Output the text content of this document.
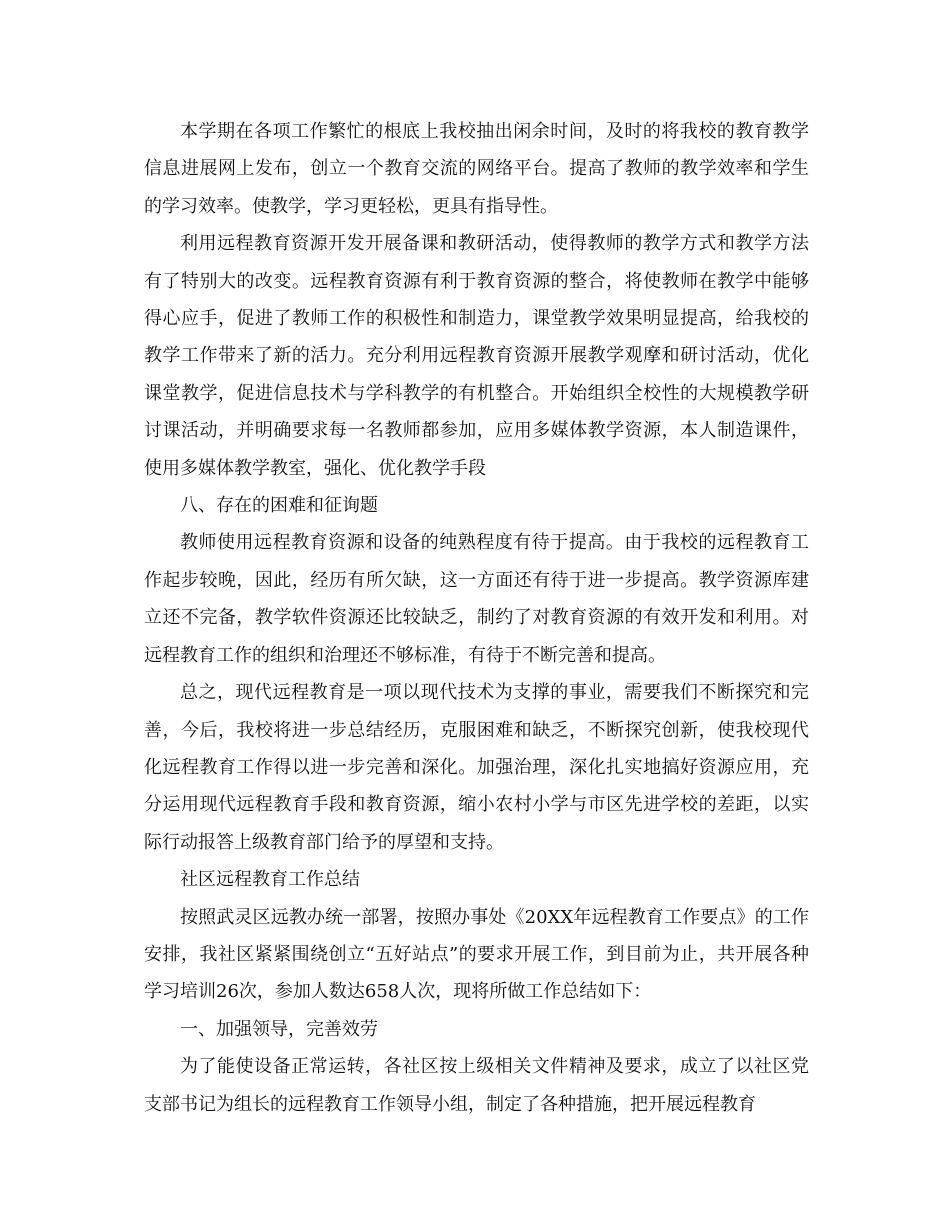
本学期在各项工作繁忙的根底上我校抽出闲余时间，及时的将我校的教育教学信息进展网上发布，创立一个教育交流的网络平台。提高了教师的教学效率和学生的学习效率。使教学，学习更轻松，更具有指导性。

利用远程教育资源开发开展备课和教研活动，使得教师的教学方式和教学方法有了特别大的改变。远程教育资源有利于教育资源的整合，将使教师在教学中能够得心应手，促进了教师工作的积极性和制造力，课堂教学效果明显提高，给我校的教学工作带来了新的活力。充分利用远程教育资源开展教学观摩和研讨活动，优化课堂教学，促进信息技术与学科教学的有机整合。开始组织全校性的大规模教学研讨课活动，并明确要求每一名教师都参加，应用多媒体教学资源，本人制造课件，使用多媒体教学教室，强化、优化教学手段

八、存在的困难和征询题

教师使用远程教育资源和设备的纯熟程度有待于提高。由于我校的远程教育工作起步较晚，因此，经历有所欠缺，这一方面还有待于进一步提高。教学资源库建立还不完备，教学软件资源还比较缺乏，制约了对教育资源的有效开发和利用。对远程教育工作的组织和治理还不够标准，有待于不断完善和提高。

总之，现代远程教育是一项以现代技术为支撑的事业，需要我们不断探究和完善，今后，我校将进一步总结经历，克服困难和缺乏，不断探究创新，使我校现代化远程教育工作得以进一步完善和深化。加强治理，深化扎实地搞好资源应用，充分运用现代远程教育手段和教育资源，缩小农村小学与市区先进学校的差距，以实际行动报答上级教育部门给予的厚望和支持。

社区远程教育工作总结

按照武灵区远教办统一部署，按照办事处《20XX年远程教育工作要点》的工作安排，我社区紧紧围绕创立“五好站点”的要求开展工作，到目前为止，共开展各种学习培训26次，参加人数达658人次，现将所做工作总结如下：

一、加强领导，完善效劳

为了能使设备正常运转，各社区按上级相关文件精神及要求，成立了以社区党支部书记为组长的远程教育工作领导小组，制定了各种措施，把开展远程教育
